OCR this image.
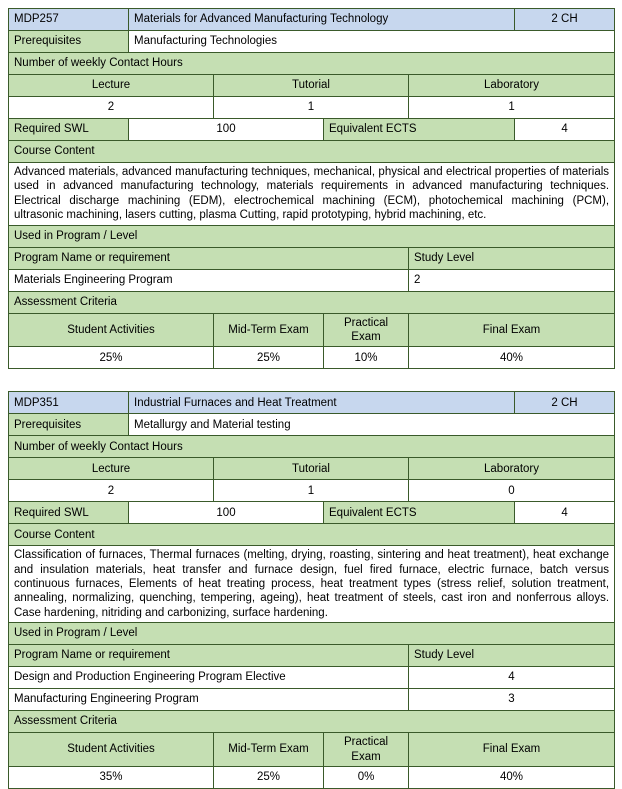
MDP257	Materials for Advanced Manufacturing Technology				2 CH
Prerequisites	Manufacturing Technologies				
Number of weekly Contact Hours					
Lecture		Tutorial		Laboratory	
2		1		1	
Required SWL	100		Equivalent ECTS		4
Course Content					
Advanced materials, advanced manufacturing techniques, mechanical, physical and electrical properties of materials used in advanced manufacturing technology, materials requirements in advanced manufacturing techniques. Electrical discharge machining (EDM), electrochemical machining (ECM), photochemical machining (PCM), ultrasonic machining, lasers cutting, plasma Cutting, rapid prototyping, hybrid machining, etc.					
Used in Program / Level					
Program Name or requirement				Study Level	
Materials Engineering Program				2	
Assessment Criteria					
Student Activities		Mid-Term Exam	Practical Exam	Final Exam	
25%		25%	10%	40%	
MDP351	Industrial Furnaces and Heat Treatment				2 CH
Prerequisites	Metallurgy and Material testing				
Number of weekly Contact Hours					
Lecture		Tutorial		Laboratory	
2		1		0	
Required SWL	100		Equivalent ECTS		4
Course Content					
Classification of furnaces, Thermal furnaces (melting, drying, roasting, sintering and heat treatment), heat exchange and insulation materials, heat transfer and furnace design, fuel fired furnace, electric furnace, batch versus continuous furnaces, Elements of heat treating process, heat treatment types (stress relief, solution treatment, annealing, normalizing, quenching, tempering, ageing), heat treatment of steels, cast iron and nonferrous alloys. Case hardening, nitriding and carbonizing, surface hardening.					
Used in Program / Level					
Program Name or requirement				Study Level	
Design and Production Engineering Program Elective				4	
Manufacturing Engineering Program				3	
Assessment Criteria					
Student Activities		Mid-Term Exam	Practical Exam	Final Exam	
35%		25%	0%	40%	
